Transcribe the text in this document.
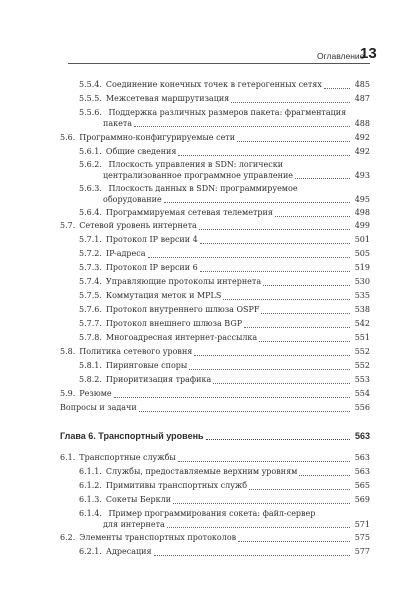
Оглавление
13
5.5.4. Соединение конечных точек в гетерогенных сетях	485
5.5.5. Межсетевая маршрутизация	487
5.5.6. Поддержка различных размеров пакета: фрагментация
пакета	488
5.6. Программно-конфигурируемые сети	492
5.6.1. Общие сведения	492
5.6.2. Плоскость управления в SDN: логически
централизованное программное управление	493
5.6.3. Плоскость данных в SDN: программируемое
оборудование	495
5.6.4. Программируемая сетевая телеметрия	498
5.7. Сетевой уровень интернета	499
5.7.1. Протокол IP версии 4	501
5.7.2. IP-адреса	505
5.7.3. Протокол IP версии 6	519
5.7.4. Управляющие протоколы интернета	530
5.7.5. Коммутация меток и MPLS	535
5.7.6. Протокол внутреннего шлюза OSPF	538
5.7.7. Протокол внешнего шлюза BGP	542
5.7.8. Многоадресная интернет-рассылка	551
5.8. Политика сетевого уровня	552
5.8.1. Пиринговые споры	552
5.8.2. Приоритизация трафика	553
5.9. Резюме	554
Вопросы и задачи	556
Глава 6. Транспортный уровень	563
6.1. Транспортные службы	563
6.1.1. Службы, предоставляемые верхним уровням	563
6.1.2. Примитивы транспортных служб	565
6.1.3. Сокеты Беркли	569
6.1.4. Пример программирования сокета: файл-сервер
для интернета	571
6.2. Элементы транспортных протоколов	575
6.2.1. Адресация	577
